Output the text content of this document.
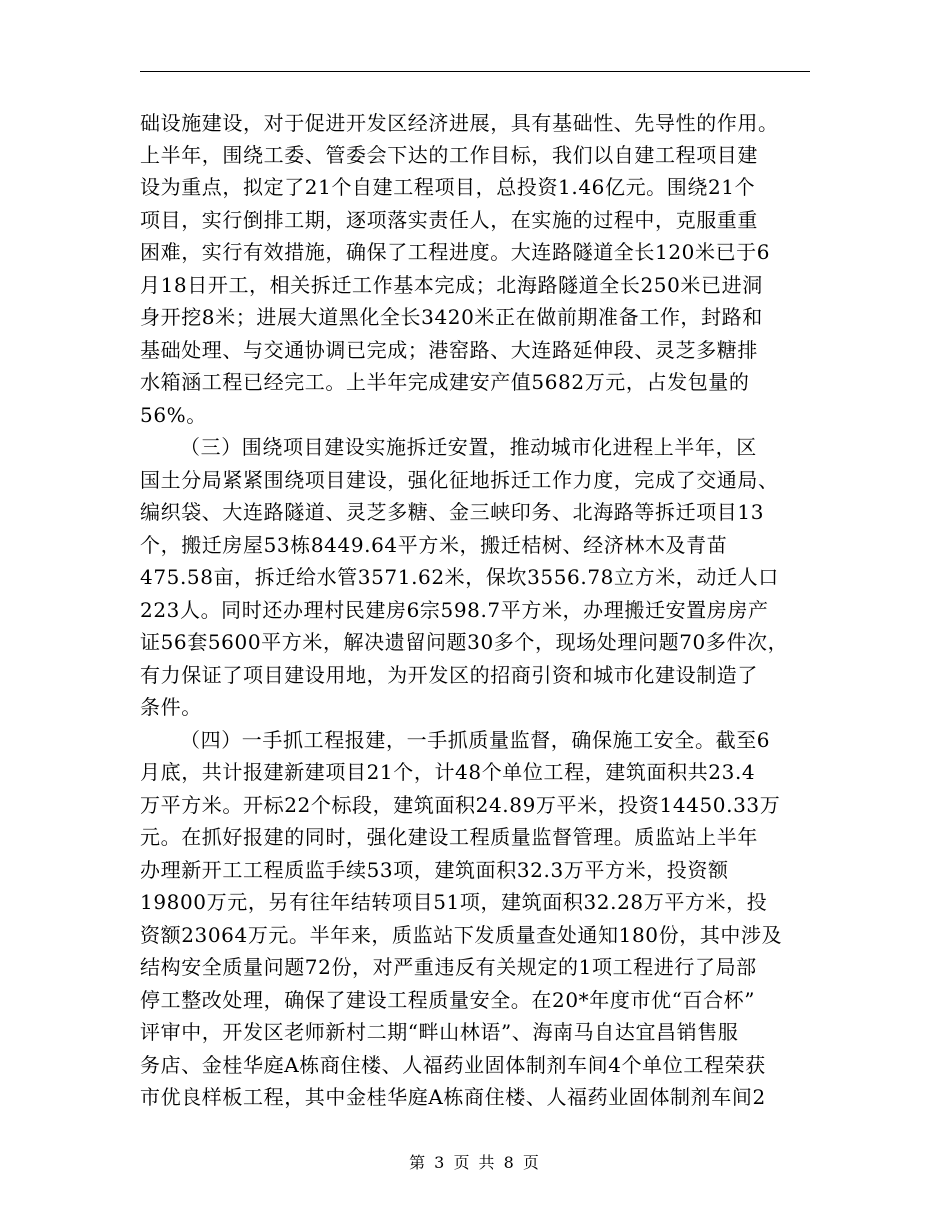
础设施建设，对于促进开发区经济进展，具有基础性、先导性的作用。
上半年，围绕工委、管委会下达的工作目标，我们以自建工程项目建
设为重点，拟定了21个自建工程项目，总投资1.46亿元。围绕21个
项目，实行倒排工期，逐项落实责任人，在实施的过程中，克服重重
困难，实行有效措施，确保了工程进度。大连路隧道全长120米已于6
月18日开工，相关拆迁工作基本完成；北海路隧道全长250米已进洞
身开挖8米；进展大道黑化全长3420米正在做前期准备工作，封路和
基础处理、与交通协调已完成；港窑路、大连路延伸段、灵芝多糖排
水箱涵工程已经完工。上半年完成建安产值5682万元，占发包量的
56%。
（三）围绕项目建设实施拆迁安置，推动城市化进程上半年，区
国土分局紧紧围绕项目建设，强化征地拆迁工作力度，完成了交通局、
编织袋、大连路隧道、灵芝多糖、金三峡印务、北海路等拆迁项目13
个，搬迁房屋53栋8449.64平方米，搬迁桔树、经济林木及青苗
475.58亩，拆迁给水管3571.62米，保坎3556.78立方米，动迁人口
223人。同时还办理村民建房6宗598.7平方米，办理搬迁安置房房产
证56套5600平方米，解决遗留问题30多个，现场处理问题70多件次，
有力保证了项目建设用地，为开发区的招商引资和城市化建设制造了
条件。
（四）一手抓工程报建，一手抓质量监督，确保施工安全。截至6
月底，共计报建新建项目21个，计48个单位工程，建筑面积共23.4
万平方米。开标22个标段，建筑面积24.89万平米，投资14450.33万
元。在抓好报建的同时，强化建设工程质量监督管理。质监站上半年
办理新开工工程质监手续53项，建筑面积32.3万平方米，投资额
19800万元，另有往年结转项目51项，建筑面积32.28万平方米，投
资额23064万元。半年来，质监站下发质量查处通知180份，其中涉及
结构安全质量问题72份，对严重违反有关规定的1项工程进行了局部
停工整改处理，确保了建设工程质量安全。在20*年度市优“百合杯”
评审中，开发区老师新村二期“畔山林语”、海南马自达宜昌销售服
务店、金桂华庭A栋商住楼、人福药业固体制剂车间4个单位工程荣获
市优良样板工程，其中金桂华庭A栋商住楼、人福药业固体制剂车间2
第 3 页 共 8 页
